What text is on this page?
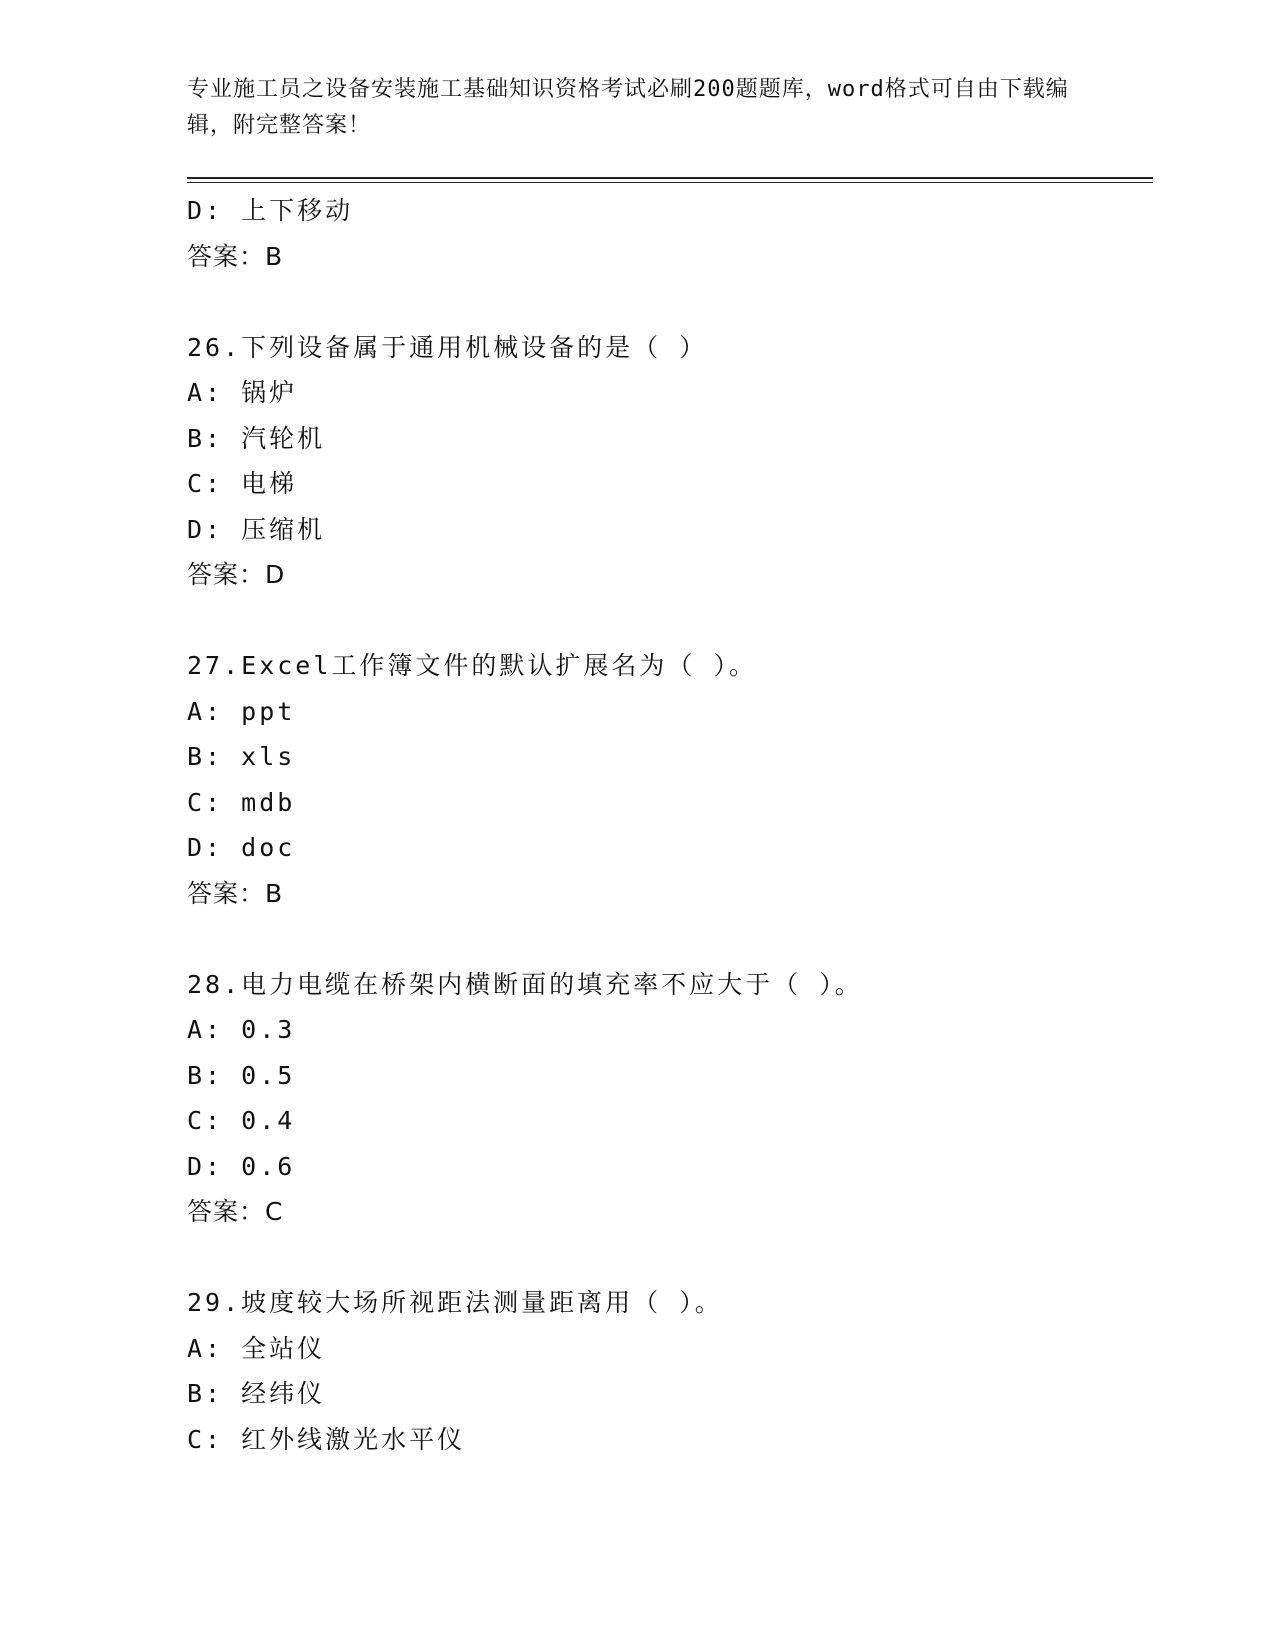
专业施工员之设备安装施工基础知识资格考试必刷200题题库，word格式可自由下载编辑，附完整答案！
D: 上下移动
答案：B
26.下列设备属于通用机械设备的是（ ）
A: 锅炉
B: 汽轮机
C: 电梯
D: 压缩机
答案：D
27.Excel工作簿文件的默认扩展名为（ ）。
A: ppt
B: xls
C: mdb
D: doc
答案：B
28.电力电缆在桥架内横断面的填充率不应大于（ ）。
A: 0.3
B: 0.5
C: 0.4
D: 0.6
答案：C
29.坡度较大场所视距法测量距离用（ ）。
A: 全站仪
B: 经纬仪
C: 红外线激光水平仪
